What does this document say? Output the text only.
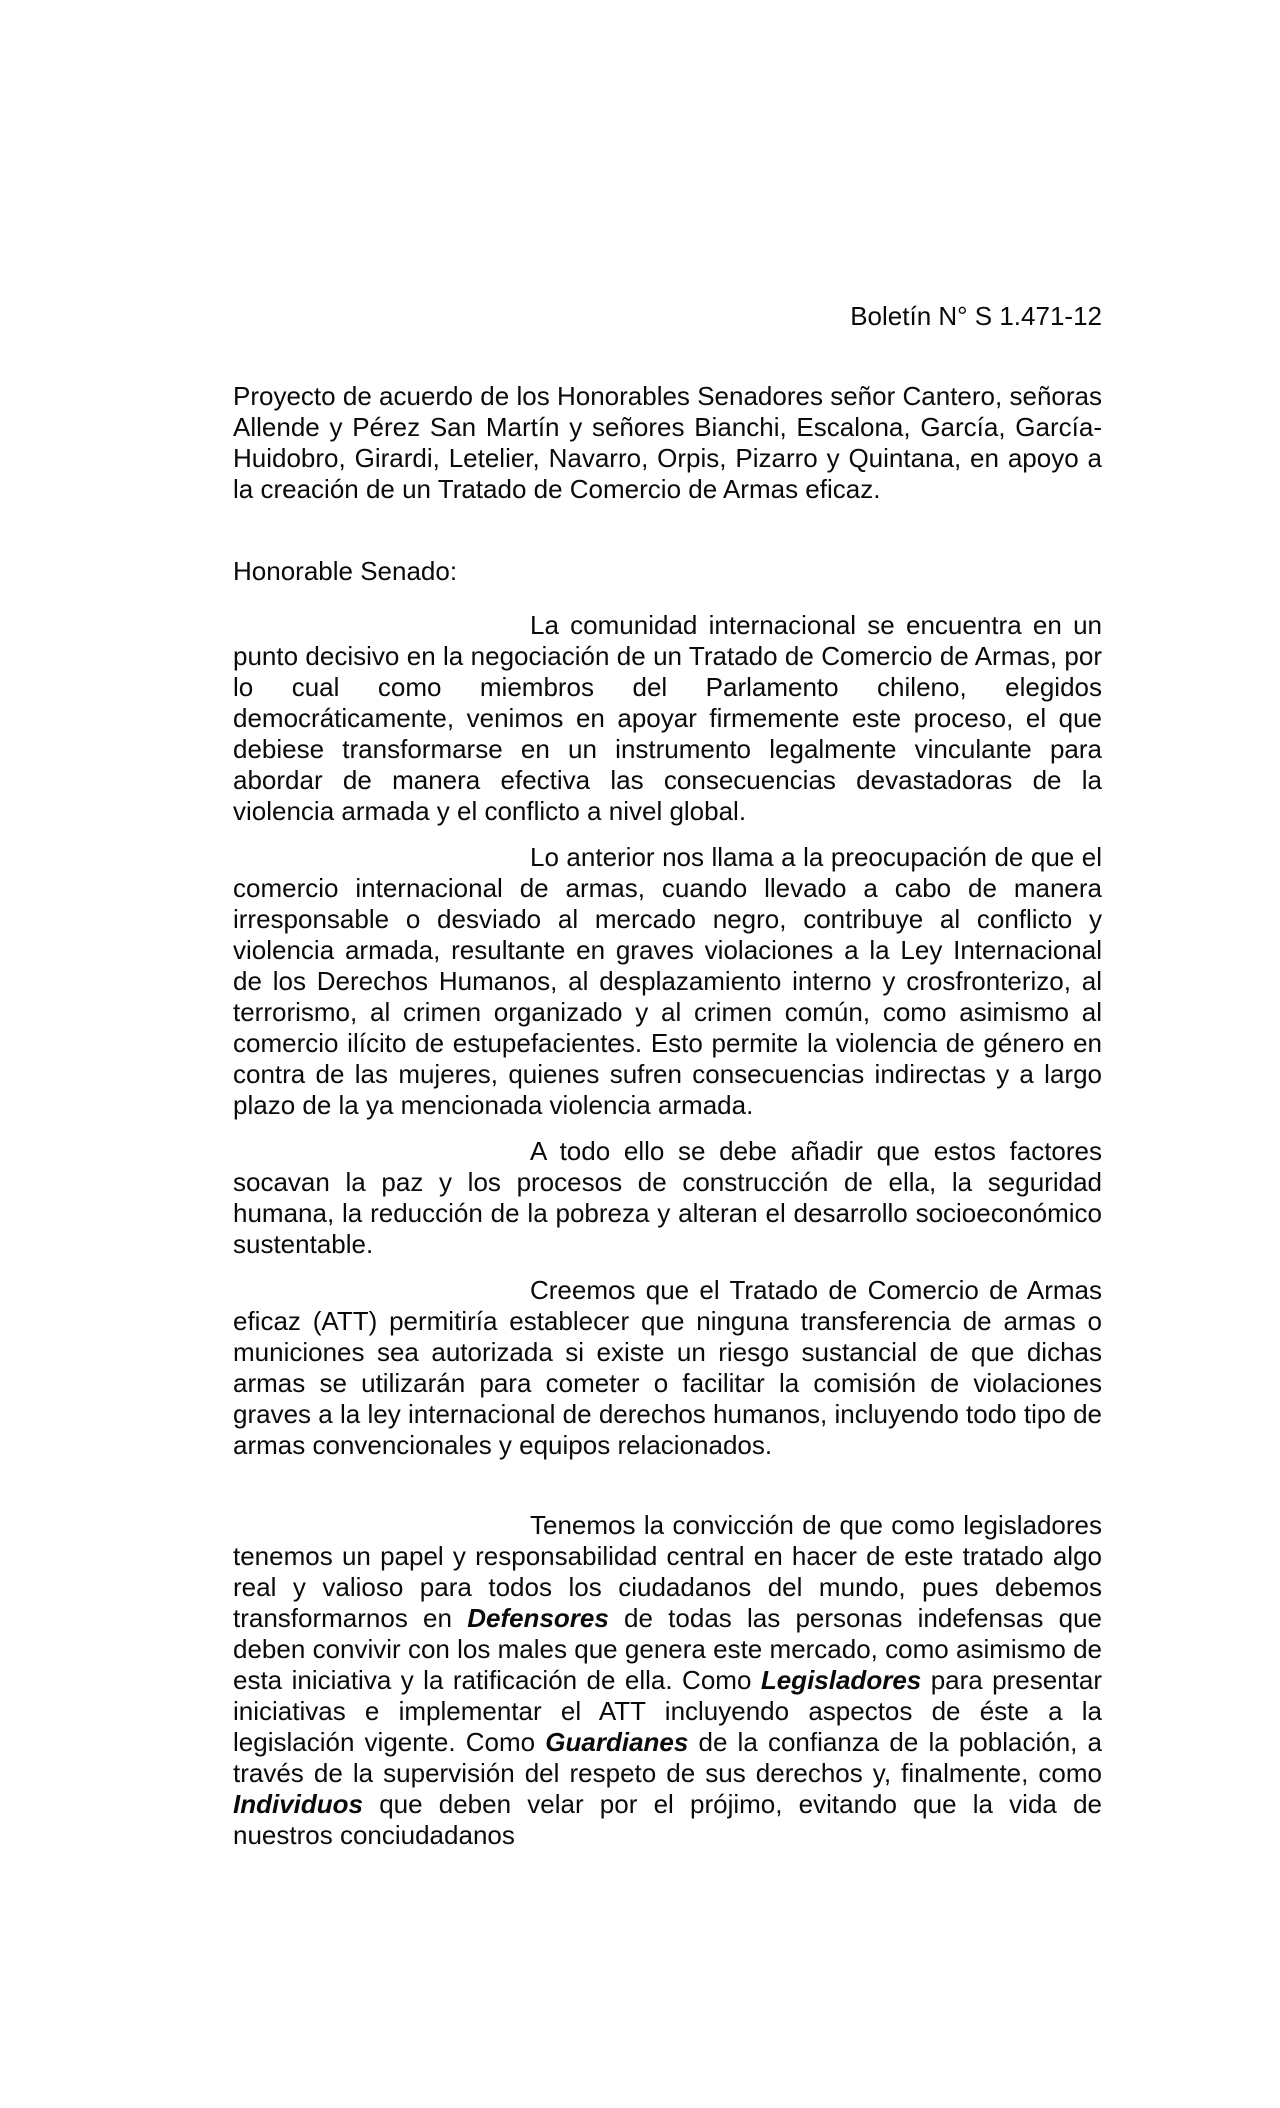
Boletín N° S 1.471-12

Proyecto de acuerdo de los Honorables Senadores señor Cantero, señoras Allende y Pérez San Martín y señores Bianchi, Escalona, García, García-Huidobro, Girardi, Letelier, Navarro, Orpis, Pizarro y Quintana, en apoyo a la creación de un Tratado de Comercio de Armas eficaz.

Honorable Senado:

La comunidad internacional se encuentra en un punto decisivo en la negociación de un Tratado de Comercio de Armas, por lo cual como miembros del Parlamento chileno, elegidos democráticamente, venimos en apoyar firmemente este proceso, el que debiese transformarse en un instrumento legalmente vinculante para abordar de manera efectiva las consecuencias devastadoras de la violencia armada y el conflicto a nivel global.

Lo anterior nos llama a la preocupación de que el comercio internacional de armas, cuando llevado a cabo de manera irresponsable o desviado al mercado negro, contribuye al conflicto y violencia armada, resultante en graves violaciones a la Ley Internacional de los Derechos Humanos, al desplazamiento interno y crosfronterizo, al terrorismo, al crimen organizado y al crimen común, como asimismo al comercio ilícito de estupefacientes. Esto permite la violencia de género en contra de las mujeres, quienes sufren consecuencias indirectas y a largo plazo de la ya mencionada violencia armada.

A todo ello se debe añadir que estos factores socavan la paz y los procesos de construcción de ella, la seguridad humana, la reducción de la pobreza y alteran el desarrollo socioeconómico sustentable.

Creemos que el Tratado de Comercio de Armas eficaz (ATT) permitiría establecer que ninguna transferencia de armas o municiones sea autorizada si existe un riesgo sustancial de que dichas armas se utilizarán para cometer o facilitar la comisión de violaciones graves a la ley internacional de derechos humanos, incluyendo todo tipo de armas convencionales y equipos relacionados.

Tenemos la convicción de que como legisladores tenemos un papel y responsabilidad central en hacer de este tratado algo real y valioso para todos los ciudadanos del mundo, pues debemos transformarnos en Defensores de todas las personas indefensas que deben convivir con los males que genera este mercado, como asimismo de esta iniciativa y la ratificación de ella. Como Legisladores para presentar iniciativas e implementar el ATT incluyendo aspectos de éste a la legislación vigente. Como Guardianes de la confianza de la población, a través de la supervisión del respeto de sus derechos y, finalmente, como Individuos que deben velar por el prójimo, evitando que la vida de nuestros conciudadanos
